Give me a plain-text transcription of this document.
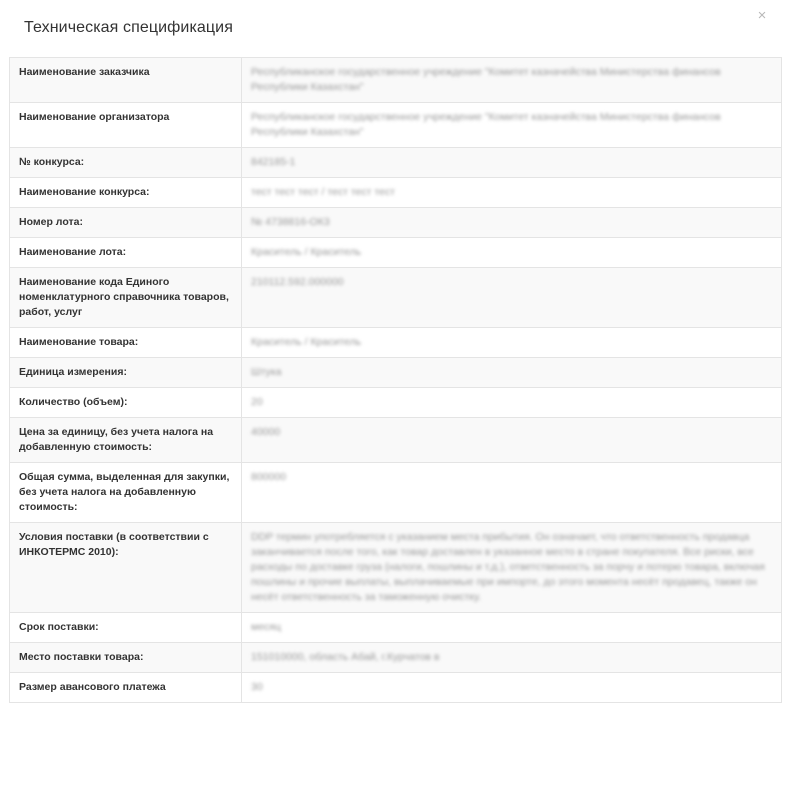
Техническая спецификация
×
Наименование заказчика	Республиканское государственное учреждение "Комитет казначейства Министерства финансов Республики Казахстан"
Наименование организатора	Республиканское государственное учреждение "Комитет казначейства Министерства финансов Республики Казахстан"
№ конкурса:	842185-1
Наименование конкурса:	тест тест тест / тест тест тест
Номер лота:	№ 4738816-ОК3
Наименование лота:	Краситель / Краситель
Наименование кода Единого номенклатурного справочника товаров, работ, услуг	210112.592.000000
Наименование товара:	Краситель / Краситель
Единица измерения:	Штука
Количество (объем):	20
Цена за единицу, без учета налога на добавленную стоимость:	40000
Общая сумма, выделенная для закупки, без учета налога на добавленную стоимость:	800000
Условия поставки (в соответствии с ИНКОТЕРМС 2010):	DDP термин употребляется с указанием места прибытия. Он означает, что ответственность продавца заканчивается после того, как товар доставлен в указанное место в стране покупателя. Все риски, все расходы по доставке груза (налоги, пошлины и т.д.), ответственность за порчу и потерю товара, включая пошлины и прочие выплаты, выплачиваемые при импорте, до этого момента несёт продавец, также он несёт ответственность за таможенную очистку.
Срок поставки:	месяц
Место поставки товара:	151010000, область Абай, г.Курчатов в
Размер авансового платежа	30
